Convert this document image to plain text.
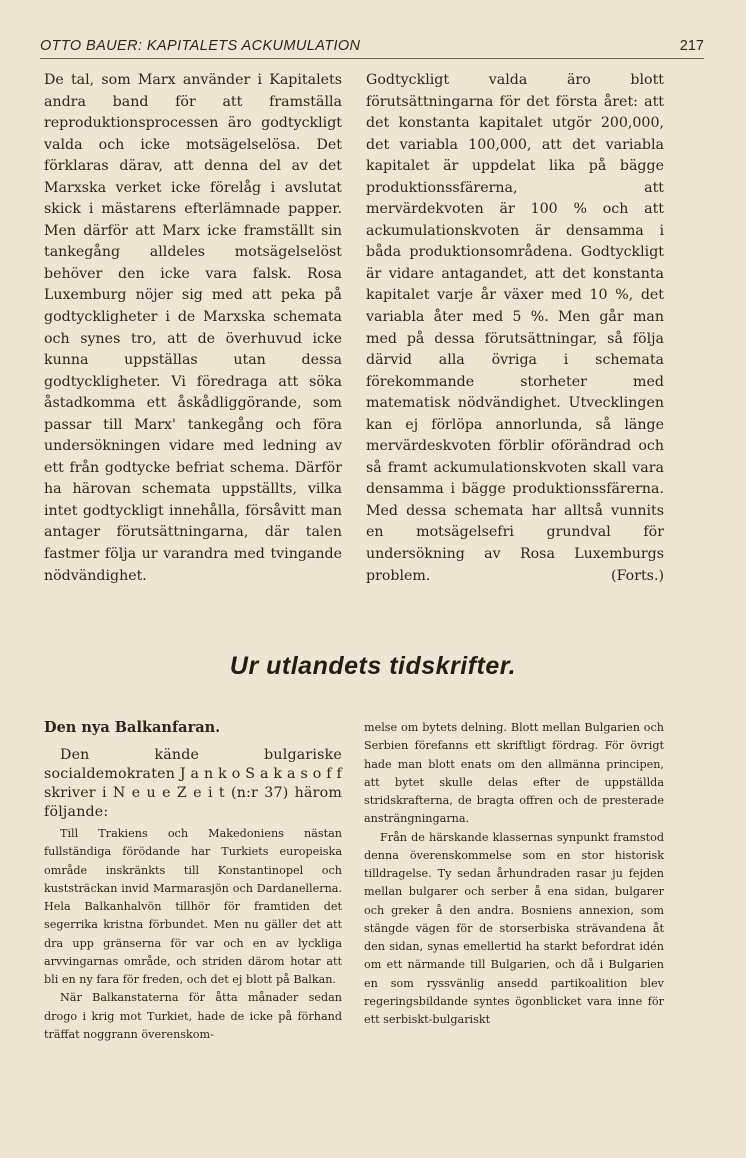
OTTO BAUER: KAPITALETS ACKUMULATION	217

De tal, som Marx använder i Kapitalets andra band för att framställa reproduktionsprocessen äro godtyckligt valda och icke motsägelselösa. Det förklaras därav, att denna del av det Marxska verket icke förelåg i avslutat skick i mästarens efterlämnade papper. Men därför att Marx icke framställt sin tankegång alldeles motsägelselöst behöver den icke vara falsk. Rosa Luxemburg nöjer sig med att peka på godtyckligheter i de Marxska schemata och synes tro, att de överhuvud icke kunna uppställas utan dessa godtyckligheter. Vi föredraga att söka åstadkomma ett åskådliggörande, som passar till Marx' tankegång och föra undersökningen vidare med ledning av ett från godtycke befriat schema. Därför ha härovan schemata uppställts, vilka intet godtyckligt innehålla, försåvitt man antager förutsättningarna, där talen fastmer följa ur varandra med tvingande nödvändighet.

Godtyckligt valda äro blott förutsättningarna för det första året: att det konstanta kapitalet utgör 200,000, det variabla 100,000, att det variabla kapitalet är uppdelat lika på bägge produktionssfärerna, att mervärdekvoten är 100 % och att ackumulationskvoten är densamma i båda produktionsområdena. Godtyckligt är vidare antagandet, att det konstanta kapitalet varje år växer med 10 %, det variabla åter med 5 %. Men går man med på dessa förutsättningar, så följa därvid alla övriga i schemata förekommande storheter med matematisk nödvändighet. Utvecklingen kan ej förlöpa annorlunda, så länge mervärdeskvoten förblir oförändrad och så framt ackumulationskvoten skall vara densamma i bägge produktionssfärerna. Med dessa schemata har alltså vunnits en motsägelsefri grundval för undersökning av Rosa Luxemburgs problem.	(Forts.)

Ur utlandets tidskrifter.
Den nya Balkanfaran.

Den kände bulgariske socialdemokraten J a n k o S a k a s o f f skriver i N e u e Z e i t (n:r 37) härom följande:

Till Trakiens och Makedoniens nästan fullständiga förödande har Turkiets europeiska område inskränkts till Konstantinopel och kuststräckan invid Marmarasjön och Dardanellerna. Hela Balkanhalvön tillhör för framtiden det segerrika kristna förbundet. Men nu gäller det att dra upp gränserna för var och en av lyckliga arvvingarnas område, och striden därom hotar att bli en ny fara för freden, och det ej blott på Balkan.

När Balkanstaterna för åtta månader sedan drogo i krig mot Turkiet, hade de icke på förhand träffat noggrann överenskom-

melse om bytets delning. Blott mellan Bulgarien och Serbien förefanns ett skriftligt fördrag. För övrigt hade man blott enats om den allmänna principen, att bytet skulle delas efter de uppställda stridskrafterna, de bragta offren och de presterade ansträngningarna.

Från de härskande klassernas synpunkt framstod denna överenskommelse som en stor historisk tilldragelse. Ty sedan århundraden rasar ju fejden mellan bulgarer och serber å ena sidan, bulgarer och greker å den andra. Bosniens annexion, som stängde vägen för de storserbiska strävandena åt den sidan, synas emellertid ha starkt befordrat idén om ett närmande till Bulgarien, och då i Bulgarien en som ryssvänlig ansedd partikoalition blev regeringsbildande syntes ögonblicket vara inne för ett serbiskt-bulgariskt
